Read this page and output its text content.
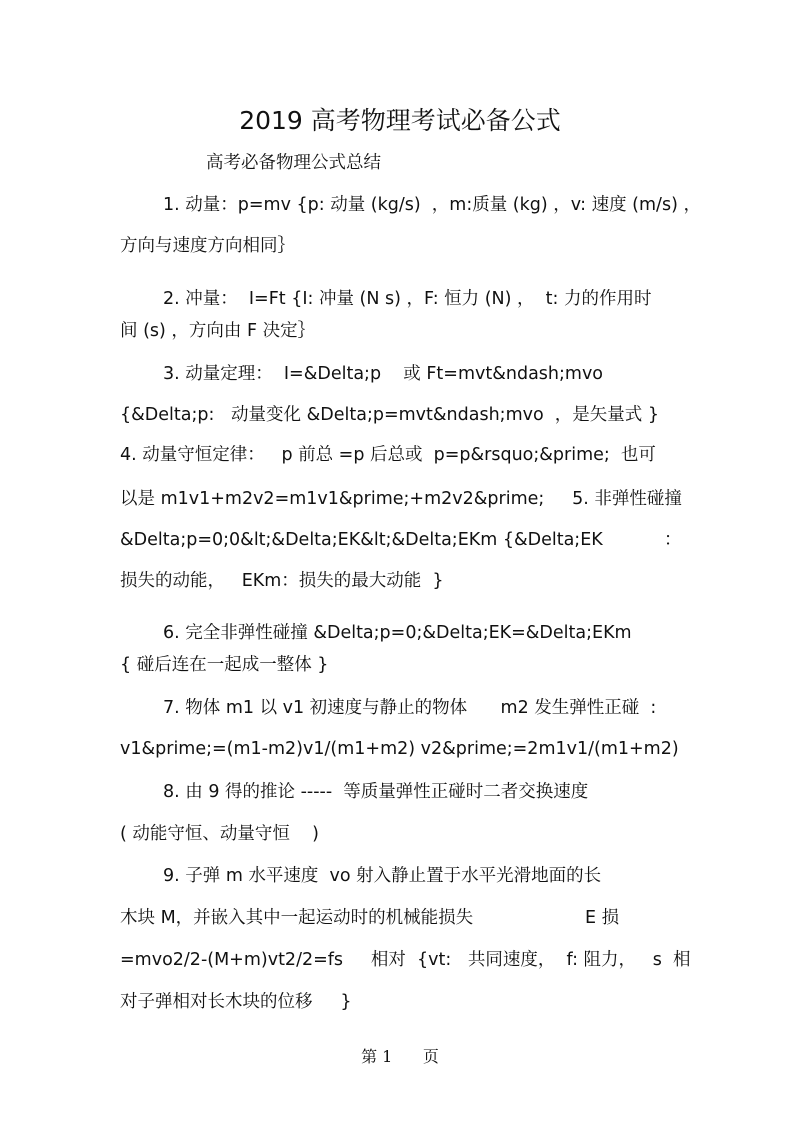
2019 高考物理考试必备公式
高考必备物理公式总结
1. 动量：p=mv {p: 动量 (kg/s)  ，m:质量 (kg) ，v: 速度 (m/s) ，
方向与速度方向相同｝
2. 冲量：  I=Ft {I: 冲量 (N s) ，F: 恒力 (N) ，  t: 力的作用时
间 (s) ，方向由 F 决定｝
3. 动量定理：  I=&Delta;p    或 Ft=mvt&ndash;mvo
{&Delta;p:   动量变化 &Delta;p=mvt&ndash;mvo  ，是矢量式 }
4. 动量守恒定律：   p 前总 =p 后总或  p=p&rsquo;&prime;  也可
以是 m1v1+m2v2=m1v1&prime;+m2v2&prime;     5. 非弹性碰撞
&Delta;p=0;0&lt;&Delta;EK&lt;&Delta;EKm {&Delta;EK	：
损失的动能，   EKm：损失的最大动能  }
6. 完全非弹性碰撞 &Delta;p=0;&Delta;EK=&Delta;EKm
{ 碰后连在一起成一整体 }
7. 物体 m1 以 v1 初速度与静止的物体      m2 发生弹性正碰  :
v1&prime;=(m1-m2)v1/(m1+m2) v2&prime;=2m1v1/(m1+m2)
8. 由 9 得的推论 -----  等质量弹性正碰时二者交换速度
( 动能守恒、动量守恒    )
9. 子弹 m 水平速度  vo 射入静止置于水平光滑地面的长
木块 M，并嵌入其中一起运动时的机械能损失	E 损
=mvo2/2-(M+m)vt2/2=fs     相对  {vt:   共同速度，  f: 阻力，   s  相
对子弹相对长木块的位移     }
第 1      页
